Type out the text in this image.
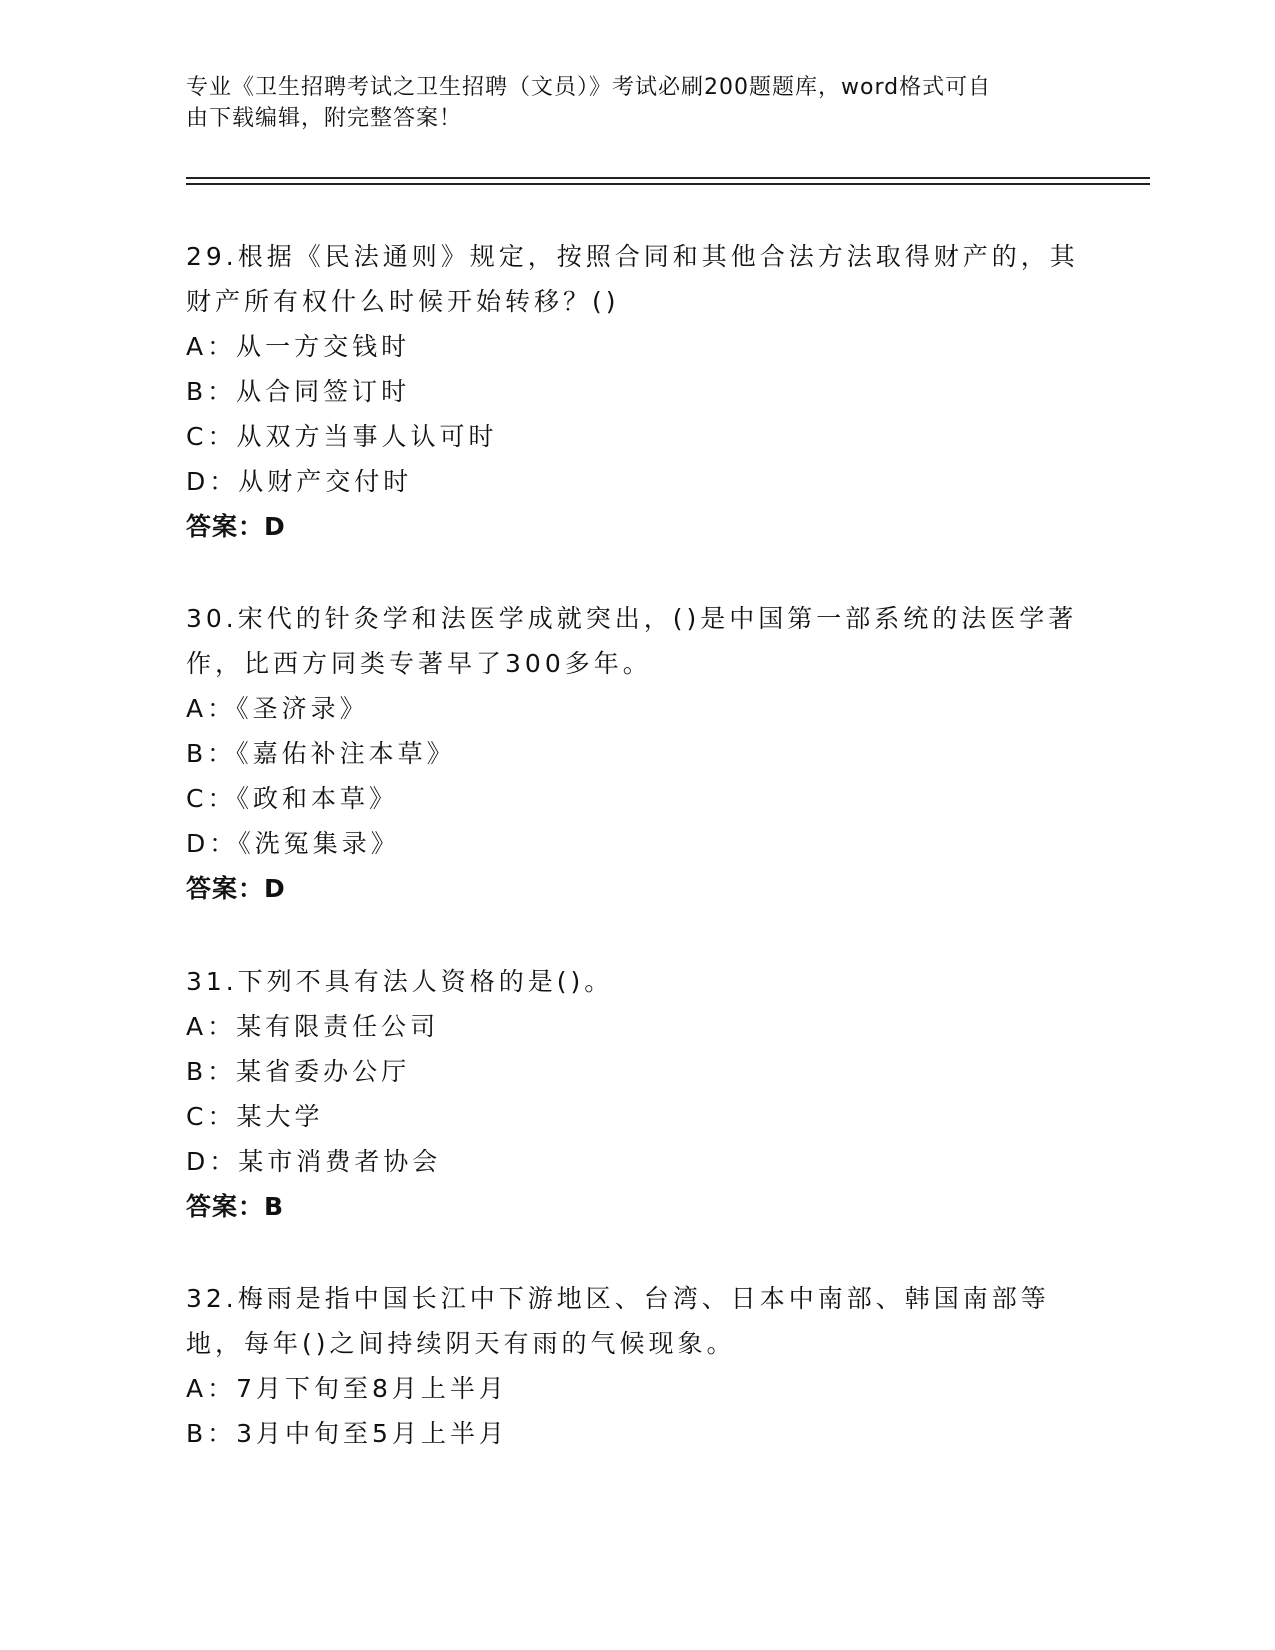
专业《卫生招聘考试之卫生招聘（文员）》考试必刷200题题库，word格式可自
由下载编辑，附完整答案！
29.根据《民法通则》规定，按照合同和其他合法方法取得财产的，其财产所有权什么时候开始转移？()
A：从一方交钱时
B：从合同签订时
C：从双方当事人认可时
D：从财产交付时
答案：D
30.宋代的针灸学和法医学成就突出，()是中国第一部系统的法医学著作，比西方同类专著早了300多年。
A：《圣济录》
B：《嘉佑补注本草》
C：《政和本草》
D：《洗冤集录》
答案：D
31.下列不具有法人资格的是()。
A：某有限责任公司
B：某省委办公厅
C：某大学
D：某市消费者协会
答案：B
32.梅雨是指中国长江中下游地区、台湾、日本中南部、韩国南部等地，每年()之间持续阴天有雨的气候现象。
A：7月下旬至8月上半月
B：3月中旬至5月上半月
